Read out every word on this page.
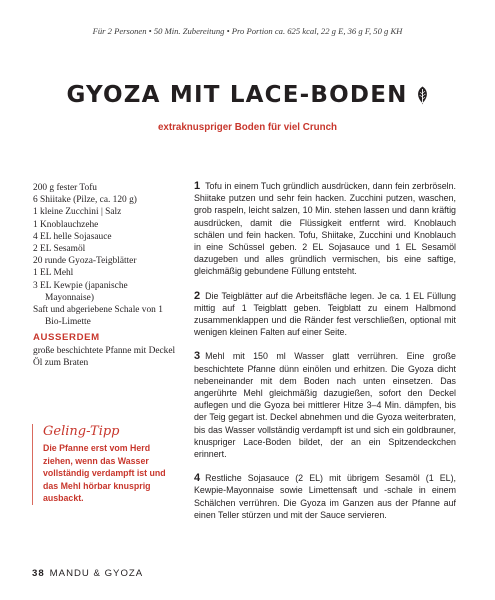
Für 2 Personen • 50 Min. Zubereitung • Pro Portion ca. 625 kcal, 22 g E, 36 g F, 50 g KH
GYOZA MIT LACE-BODEN
extraknuspriger Boden für viel Crunch
200 g fester Tofu
6 Shiitake (Pilze, ca. 120 g)
1 kleine Zucchini | Salz
1 Knoblauchzehe
4 EL helle Sojasauce
2 EL Sesamöl
20 runde Gyoza-Teigblätter
1 EL Mehl
3 EL Kewpie (japanische Mayonnaise)
Saft und abgeriebene Schale von 1 Bio-Limette
AUSSERDEM
große beschichtete Pfanne mit Deckel
Öl zum Braten
Geling-Tipp
Die Pfanne erst vom Herd ziehen, wenn das Wasser vollständig verdampft ist und das Mehl hörbar knusprig ausbackt.
1 Tofu in einem Tuch gründlich ausdrücken, dann fein zerbröseln. Shiitake putzen und sehr fein hacken. Zucchini putzen, waschen, grob raspeln, leicht salzen, 10 Min. stehen lassen und dann kräftig ausdrücken, damit die Flüssigkeit entfernt wird. Knoblauch schälen und fein hacken. Tofu, Shiitake, Zucchini und Knoblauch in eine Schüssel geben. 2 EL Sojasauce und 1 EL Sesamöl dazugeben und alles gründlich vermischen, bis eine saftige, gleichmäßig gebundene Füllung entsteht.
2 Die Teigblätter auf die Arbeitsfläche legen. Je ca. 1 EL Füllung mittig auf 1 Teigblatt geben. Teigblatt zu einem Halbmond zusammenklappen und die Ränder fest verschließen, optional mit wenigen kleinen Falten auf einer Seite.
3 Mehl mit 150 ml Wasser glatt verrühren. Eine große beschichtete Pfanne dünn einölen und erhitzen. Die Gyoza dicht nebeneinander mit dem Boden nach unten einsetzen. Das angerührte Mehl gleichmäßig dazugießen, sofort den Deckel auflegen und die Gyoza bei mittlerer Hitze 3–4 Min. dämpfen, bis der Teig gegart ist. Deckel abnehmen und die Gyoza weiterbraten, bis das Wasser vollständig verdampft ist und sich ein goldbrauner, knuspriger Lace-Boden bildet, der an ein Spitzendeckchen erinnert.
4 Restliche Sojasauce (2 EL) mit übrigem Sesamöl (1 EL), Kewpie-Mayonnaise sowie Limettensaft und -schale in einem Schälchen verrühren. Die Gyoza im Ganzen aus der Pfanne auf einen Teller stürzen und mit der Sauce servieren.
38 MANDU & GYOZA
